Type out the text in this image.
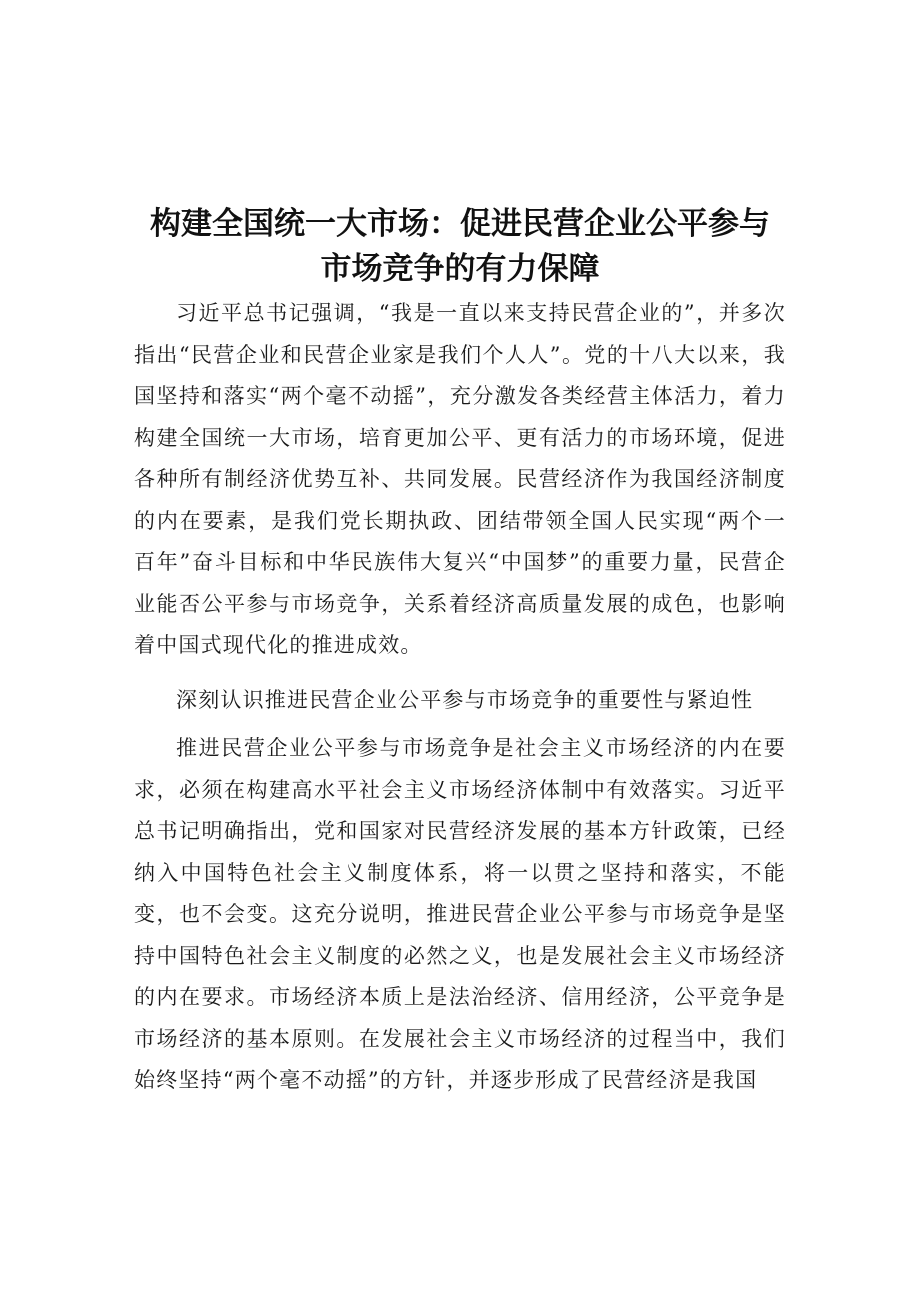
构建全国统一大市场：促进民营企业公平参与
市场竞争的有力保障

习近平总书记强调，“我是一直以来支持民营企业的”，并多次指出“民营企业和民营企业家是我们个人人”。党的十八大以来，我国坚持和落实“两个毫不动摇”，充分激发各类经营主体活力，着力构建全国统一大市场，培育更加公平、更有活力的市场环境，促进各种所有制经济优势互补、共同发展。民营经济作为我国经济制度的内在要素，是我们党长期执政、团结带领全国人民实现“两个一百年”奋斗目标和中华民族伟大复兴“中国梦”的重要力量，民营企业能否公平参与市场竞争，关系着经济高质量发展的成色，也影响着中国式现代化的推进成效。

深刻认识推进民营企业公平参与市场竞争的重要性与紧迫性

推进民营企业公平参与市场竞争是社会主义市场经济的内在要求，必须在构建高水平社会主义市场经济体制中有效落实。习近平总书记明确指出，党和国家对民营经济发展的基本方针政策，已经纳入中国特色社会主义制度体系，将一以贯之坚持和落实，不能变，也不会变。这充分说明，推进民营企业公平参与市场竞争是坚持中国特色社会主义制度的必然之义，也是发展社会主义市场经济的内在要求。市场经济本质上是法治经济、信用经济，公平竞争是市场经济的基本原则。在发展社会主义市场经济的过程当中，我们始终坚持“两个毫不动摇”的方针，并逐步形成了民营经济是我国
